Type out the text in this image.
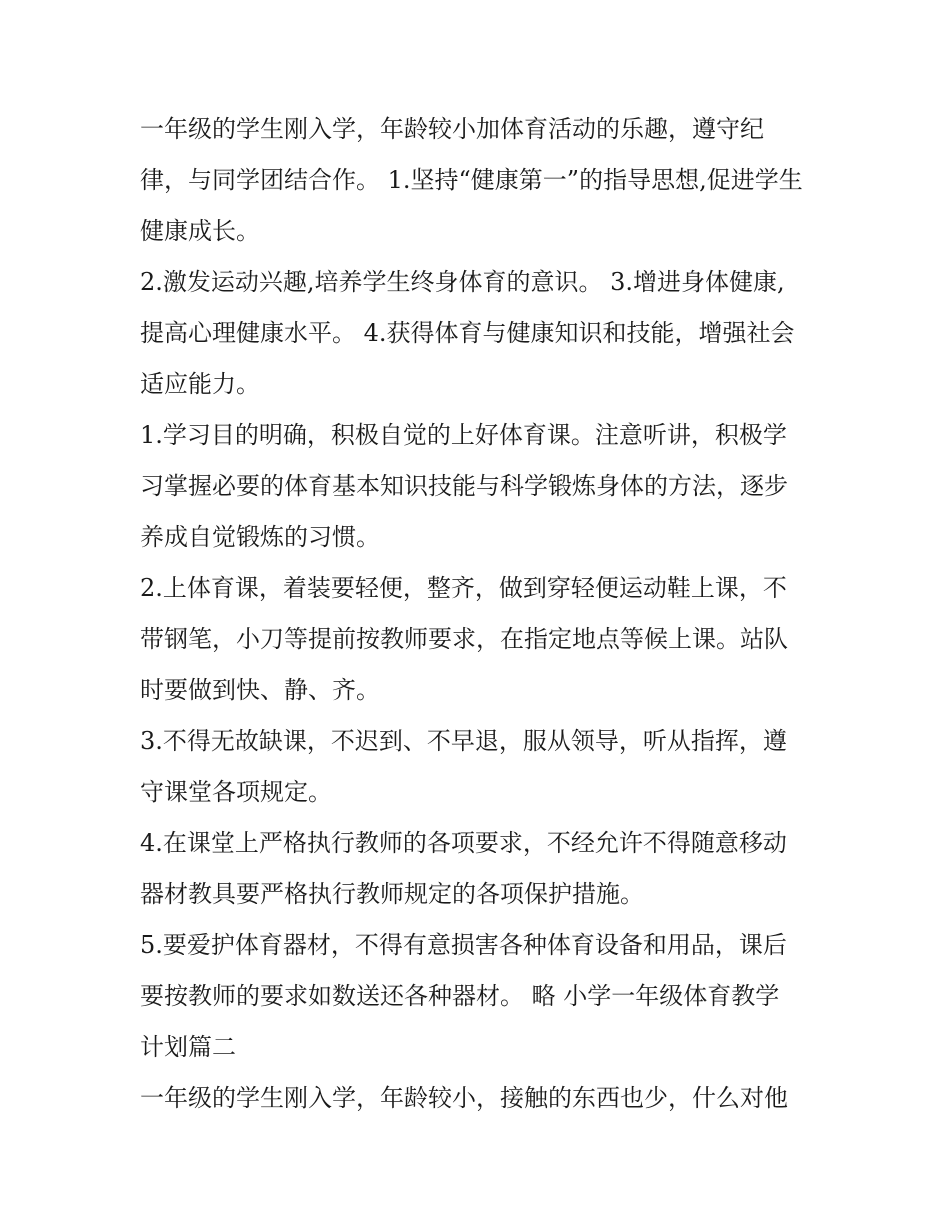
一年级的学生刚入学，年龄较小加体育活动的乐趣，遵守纪
律，与同学团结合作。 1.坚持“健康第一”的指导思想,促进学生
健康成长。
2.激发运动兴趣,培养学生终身体育的意识。 3.增进身体健康,
提高心理健康水平。 4.获得体育与健康知识和技能，增强社会
适应能力。
1.学习目的明确，积极自觉的上好体育课。注意听讲，积极学
习掌握必要的体育基本知识技能与科学锻炼身体的方法，逐步
养成自觉锻炼的习惯。
2.上体育课，着装要轻便，整齐，做到穿轻便运动鞋上课，不
带钢笔，小刀等提前按教师要求，在指定地点等候上课。站队
时要做到快、静、齐。
3.不得无故缺课，不迟到、不早退，服从领导，听从指挥，遵
守课堂各项规定。
4.在课堂上严格执行教师的各项要求，不经允许不得随意移动
器材教具要严格执行教师规定的各项保护措施。
5.要爱护体育器材，不得有意损害各种体育设备和用品，课后
要按教师的要求如数送还各种器材。 略 小学一年级体育教学
计划篇二
一年级的学生刚入学，年龄较小，接触的东西也少，什么对他
